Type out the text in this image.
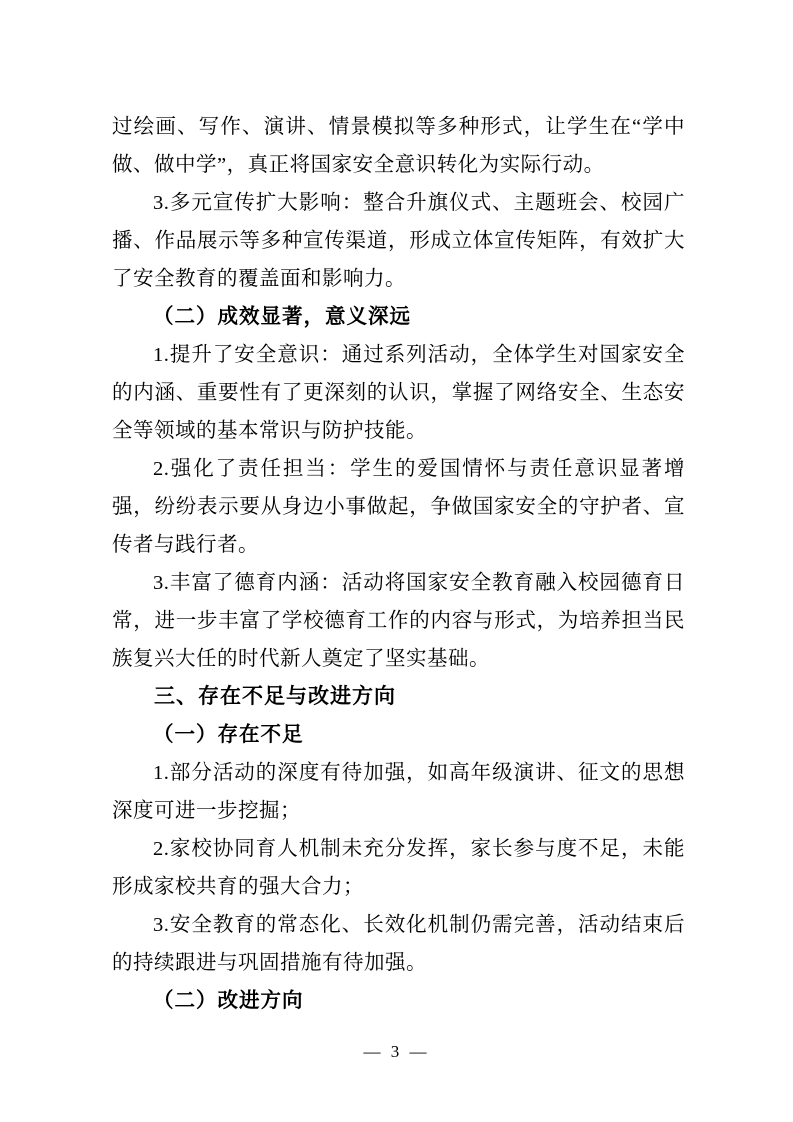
过绘画、写作、演讲、情景模拟等多种形式，让学生在“学中做、做中学”，真正将国家安全意识转化为实际行动。

3.多元宣传扩大影响：整合升旗仪式、主题班会、校园广播、作品展示等多种宣传渠道，形成立体宣传矩阵，有效扩大了安全教育的覆盖面和影响力。

（二）成效显著，意义深远

1.提升了安全意识：通过系列活动，全体学生对国家安全的内涵、重要性有了更深刻的认识，掌握了网络安全、生态安全等领域的基本常识与防护技能。

2.强化了责任担当：学生的爱国情怀与责任意识显著增强，纷纷表示要从身边小事做起，争做国家安全的守护者、宣传者与践行者。

3.丰富了德育内涵：活动将国家安全教育融入校园德育日常，进一步丰富了学校德育工作的内容与形式，为培养担当民族复兴大任的时代新人奠定了坚实基础。

三、存在不足与改进方向

（一）存在不足

1.部分活动的深度有待加强，如高年级演讲、征文的思想深度可进一步挖掘；

2.家校协同育人机制未充分发挥，家长参与度不足，未能形成家校共育的强大合力；

3.安全教育的常态化、长效化机制仍需完善，活动结束后的持续跟进与巩固措施有待加强。

（二）改进方向

— 3 —
